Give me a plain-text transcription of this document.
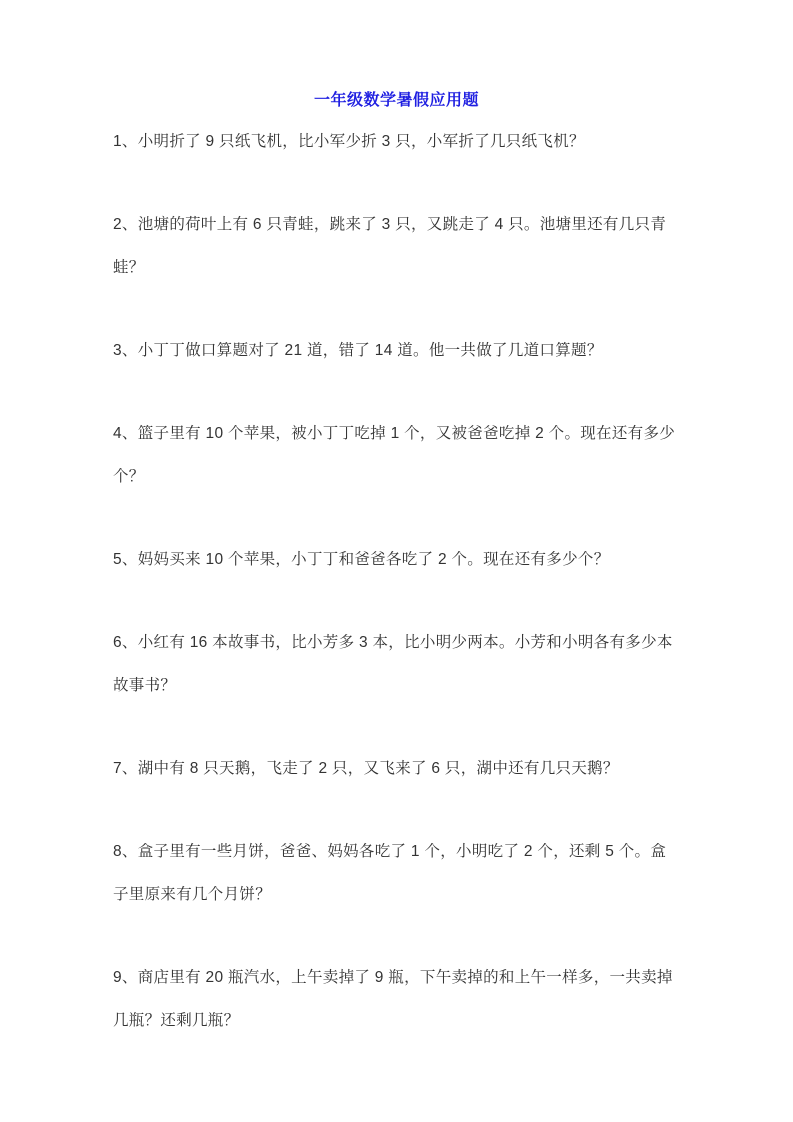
一年级数学暑假应用题

1、小明折了 9 只纸飞机，比小军少折 3 只，小军折了几只纸飞机？

2、池塘的荷叶上有 6 只青蛙，跳来了 3 只，又跳走了 4 只。池塘里还有几只青蛙？

3、小丁丁做口算题对了 21 道，错了 14 道。他一共做了几道口算题？

4、篮子里有 10 个苹果，被小丁丁吃掉 1 个，又被爸爸吃掉 2 个。现在还有多少个？

5、妈妈买来 10 个苹果，小丁丁和爸爸各吃了 2 个。现在还有多少个？

6、小红有 16 本故事书，比小芳多 3 本，比小明少两本。小芳和小明各有多少本故事书？

7、湖中有 8 只天鹅，飞走了 2 只，又飞来了 6 只，湖中还有几只天鹅？

8、盒子里有一些月饼，爸爸、妈妈各吃了 1 个，小明吃了 2 个，还剩 5 个。盒子里原来有几个月饼？

9、商店里有 20 瓶汽水，上午卖掉了 9 瓶，下午卖掉的和上午一样多，一共卖掉几瓶？还剩几瓶？
